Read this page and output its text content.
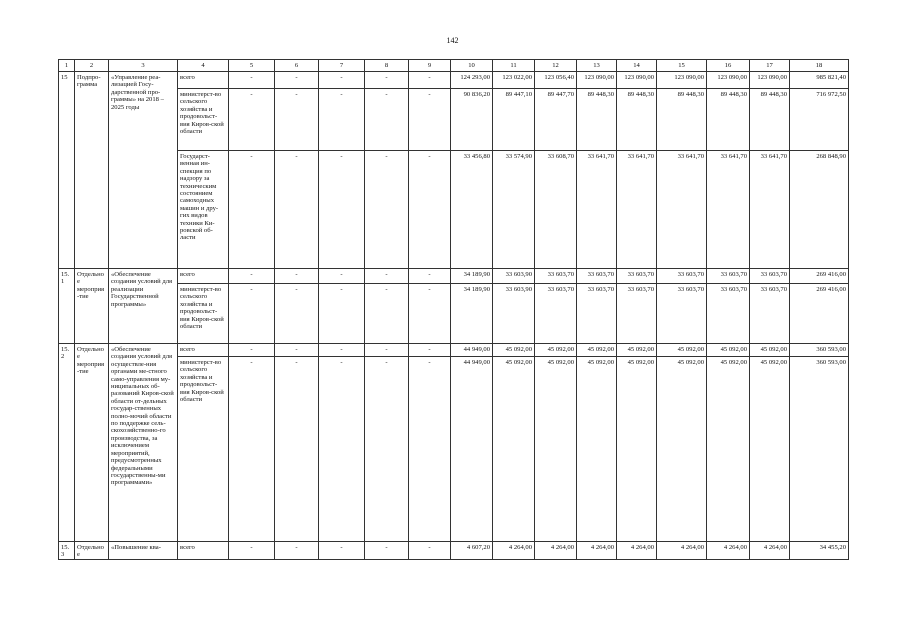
142
1	2	3	4	5	6	7	8	9	10	11	12	13	14	15	16	17	18
15	Подпро-грамма	«Управление реа-лизацией Госу-дарственной про-граммы» на 2018 – 2025 годы	всего	-	-	-	-	-	124 293,00	123 022,00	123 056,40	123 090,00	123 090,00	123 090,00	123 090,00	123 090,00	985 821,40
			министерст-во сельского хозяйства и продовольст-вия Киров-ской области	-	-	-	-	-	90 836,20	89 447,10	89 447,70	89 448,30	89 448,30	89 448,30	89 448,30	89 448,30	716 972,50
			Государст-венная ин-спекция по надзору за техническим состоянием самоходных машин и дру-гих видов техники Ки-ровской об-ласти	-	-	-	-	-	33 456,80	33 574,90	33 608,70	33 641,70	33 641,70	33 641,70	33 641,70	33 641,70	268 848,90
15.1	Отдельное мероприя-тие	«Обеспечение создания условий для реализации Государственной программы»	всего	-	-	-	-	-	34 189,90	33 603,90	33 603,70	33 603,70	33 603,70	33 603,70	33 603,70	33 603,70	269 416,00
			министерст-во сельского хозяйства и продовольст-вия Киров-ской области	-	-	-	-	-	34 189,90	33 603,90	33 603,70	33 603,70	33 603,70	33 603,70	33 603,70	33 603,70	269 416,00
15.2	Отдельное мероприя-тие	«Обеспечение создания условий для осуществле-ния органами ме-стного само-управления му-ниципальных об-разований Киров-ской области от-дельных государ-ственных полно-мочий области по поддержке сель-скохозяйственно-го производства, за исключением мероприятий, предусмотренных федеральными государственны-ми программами»	всего	-	-	-	-	-	44 949,00	45 092,00	45 092,00	45 092,00	45 092,00	45 092,00	45 092,00	45 092,00	360 593,00
			министерст-во сельского хозяйства и продовольст-вия Киров-ской области	-	-	-	-	-	44 949,00	45 092,00	45 092,00	45 092,00	45 092,00	45 092,00	45 092,00	45 092,00	360 593,00
15.3	Отдельное	«Повышение ква-	всего	-	-	-	-	-	4 607,20	4 264,00	4 264,00	4 264,00	4 264,00	4 264,00	4 264,00	4 264,00	34 455,20
